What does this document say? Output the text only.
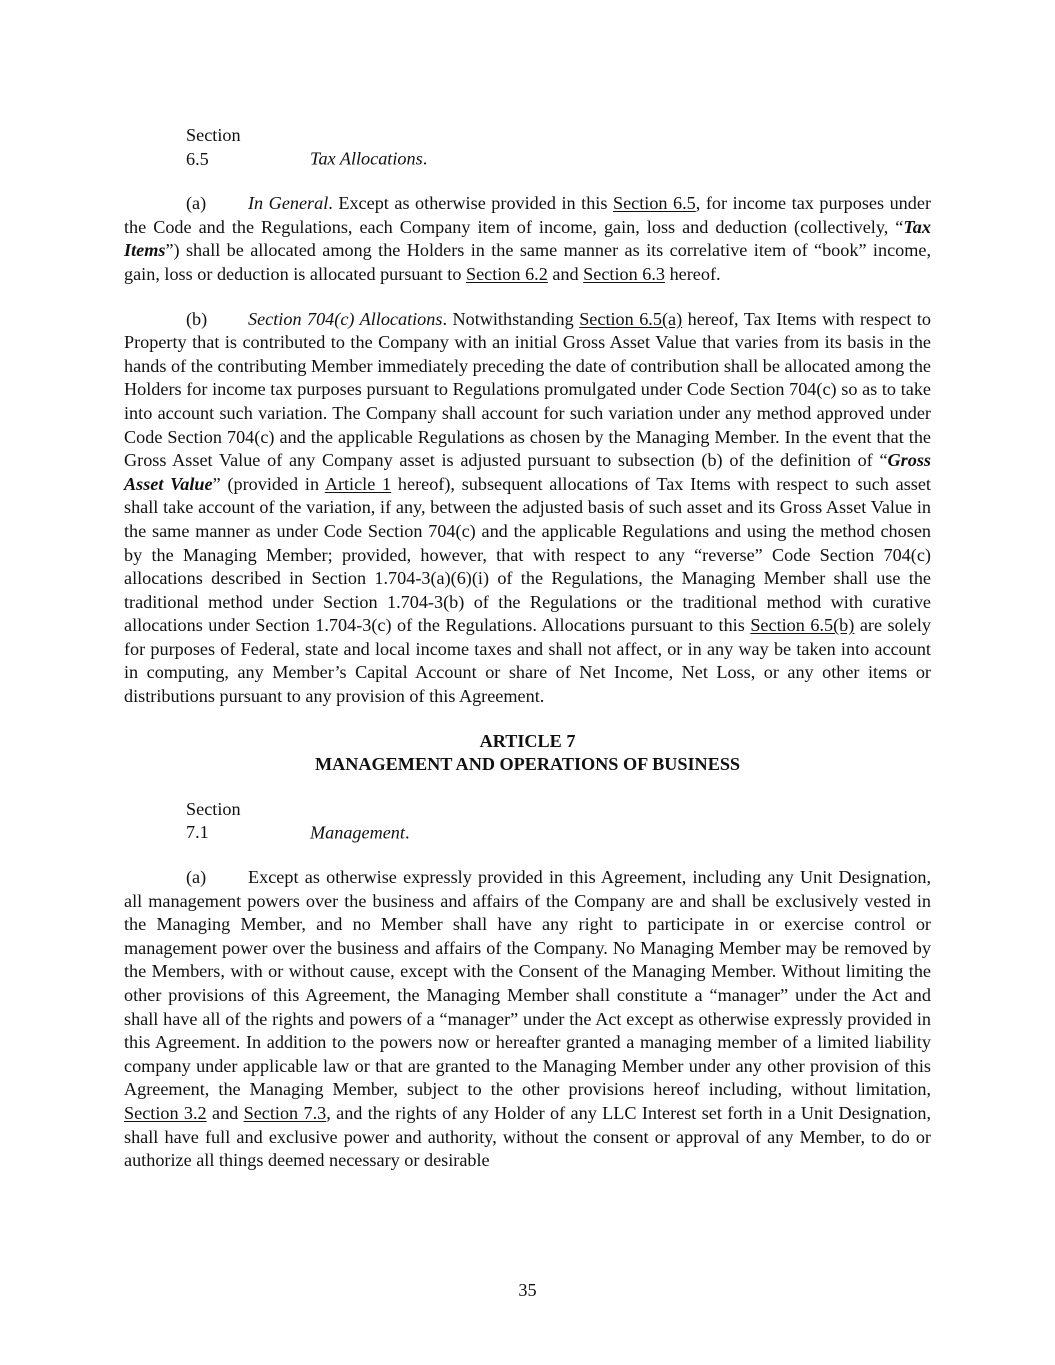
Section 6.5	Tax Allocations.

(a) In General. Except as otherwise provided in this Section 6.5, for income tax purposes under the Code and the Regulations, each Company item of income, gain, loss and deduction (collectively, “Tax Items”) shall be allocated among the Holders in the same manner as its correlative item of “book” income, gain, loss or deduction is allocated pursuant to Section 6.2 and Section 6.3 hereof.

(b) Section 704(c) Allocations. Notwithstanding Section 6.5(a) hereof, Tax Items with respect to Property that is contributed to the Company with an initial Gross Asset Value that varies from its basis in the hands of the contributing Member immediately preceding the date of contribution shall be allocated among the Holders for income tax purposes pursuant to Regulations promulgated under Code Section 704(c) so as to take into account such variation. The Company shall account for such variation under any method approved under Code Section 704(c) and the applicable Regulations as chosen by the Managing Member. In the event that the Gross Asset Value of any Company asset is adjusted pursuant to subsection (b) of the definition of “Gross Asset Value” (provided in Article 1 hereof), subsequent allocations of Tax Items with respect to such asset shall take account of the variation, if any, between the adjusted basis of such asset and its Gross Asset Value in the same manner as under Code Section 704(c) and the applicable Regulations and using the method chosen by the Managing Member; provided, however, that with respect to any “reverse” Code Section 704(c) allocations described in Section 1.704-3(a)(6)(i) of the Regulations, the Managing Member shall use the traditional method under Section 1.704-3(b) of the Regulations or the traditional method with curative allocations under Section 1.704-3(c) of the Regulations. Allocations pursuant to this Section 6.5(b) are solely for purposes of Federal, state and local income taxes and shall not affect, or in any way be taken into account in computing, any Member’s Capital Account or share of Net Income, Net Loss, or any other items or distributions pursuant to any provision of this Agreement.

ARTICLE 7
MANAGEMENT AND OPERATIONS OF BUSINESS

Section 7.1	Management.

(a) Except as otherwise expressly provided in this Agreement, including any Unit Designation, all management powers over the business and affairs of the Company are and shall be exclusively vested in the Managing Member, and no Member shall have any right to participate in or exercise control or management power over the business and affairs of the Company. No Managing Member may be removed by the Members, with or without cause, except with the Consent of the Managing Member. Without limiting the other provisions of this Agreement, the Managing Member shall constitute a “manager” under the Act and shall have all of the rights and powers of a “manager” under the Act except as otherwise expressly provided in this Agreement. In addition to the powers now or hereafter granted a managing member of a limited liability company under applicable law or that are granted to the Managing Member under any other provision of this Agreement, the Managing Member, subject to the other provisions hereof including, without limitation, Section 3.2 and Section 7.3, and the rights of any Holder of any LLC Interest set forth in a Unit Designation, shall have full and exclusive power and authority, without the consent or approval of any Member, to do or authorize all things deemed necessary or desirable

35
